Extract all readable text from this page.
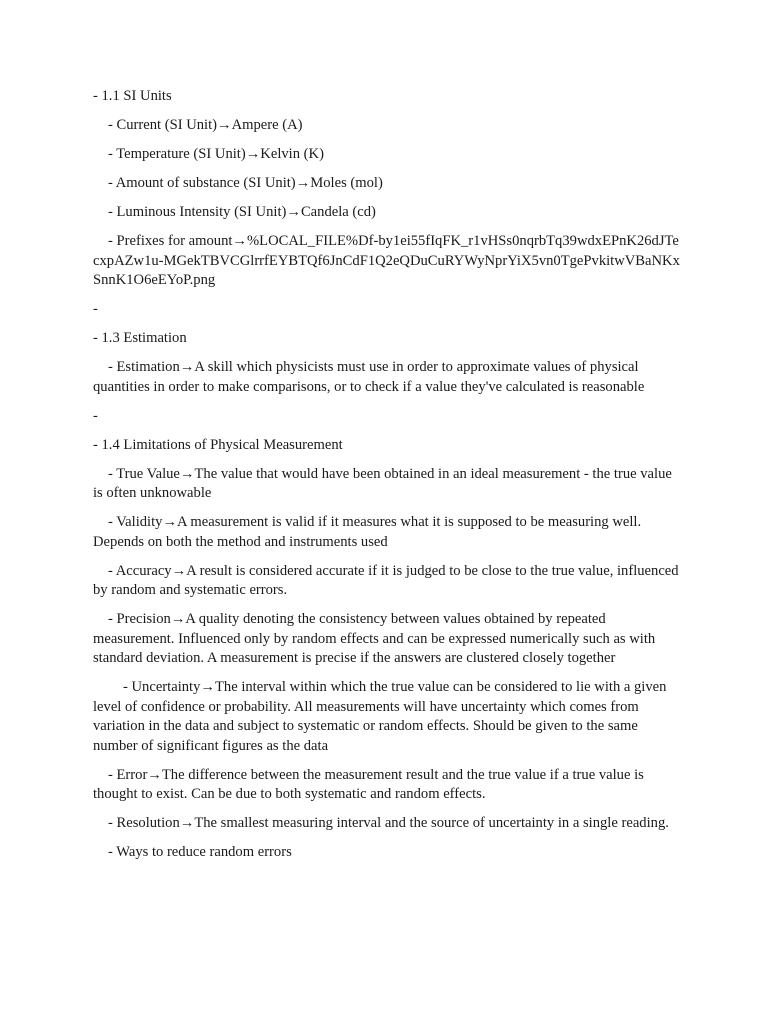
- 1.1 SI Units

- Current (SI Unit)→Ampere (A)

- Temperature (SI Unit)→Kelvin (K)

- Amount of substance (SI Unit)→Moles (mol)

- Luminous Intensity (SI Unit)→Candela (cd)

- Prefixes for amount→%LOCAL_FILE%Df-by1ei55fIqFK_r1vHSs0nqrbTq39wdxEPnK26dJTecxpAZw1u-MGekTBVCGlrrfEYBTQf6JnCdF1Q2eQDuCuRYWyNprYiX5vn0TgePvkitwVBaNKxSnnK1O6eEYoP.png

-

- 1.3 Estimation

- Estimation→A skill which physicists must use in order to approximate values of physical quantities in order to make comparisons, or to check if a value they've calculated is reasonable

-

- 1.4 Limitations of Physical Measurement

- True Value→The value that would have been obtained in an ideal measurement - the true value is often unknowable

- Validity→A measurement is valid if it measures what it is supposed to be measuring well. Depends on both the method and instruments used

- Accuracy→A result is considered accurate if it is judged to be close to the true value, influenced by random and systematic errors.

- Precision→A quality denoting the consistency between values obtained by repeated measurement. Influenced only by random effects and can be expressed numerically such as with standard deviation. A measurement is precise if the answers are clustered closely together

- Uncertainty→The interval within which the true value can be considered to lie with a given level of confidence or probability. All measurements will have uncertainty which comes from variation in the data and subject to systematic or random effects. Should be given to the same number of significant figures as the data

- Error→The difference between the measurement result and the true value if a true value is thought to exist. Can be due to both systematic and random effects.

- Resolution→The smallest measuring interval and the source of uncertainty in a single reading.

- Ways to reduce random errors
